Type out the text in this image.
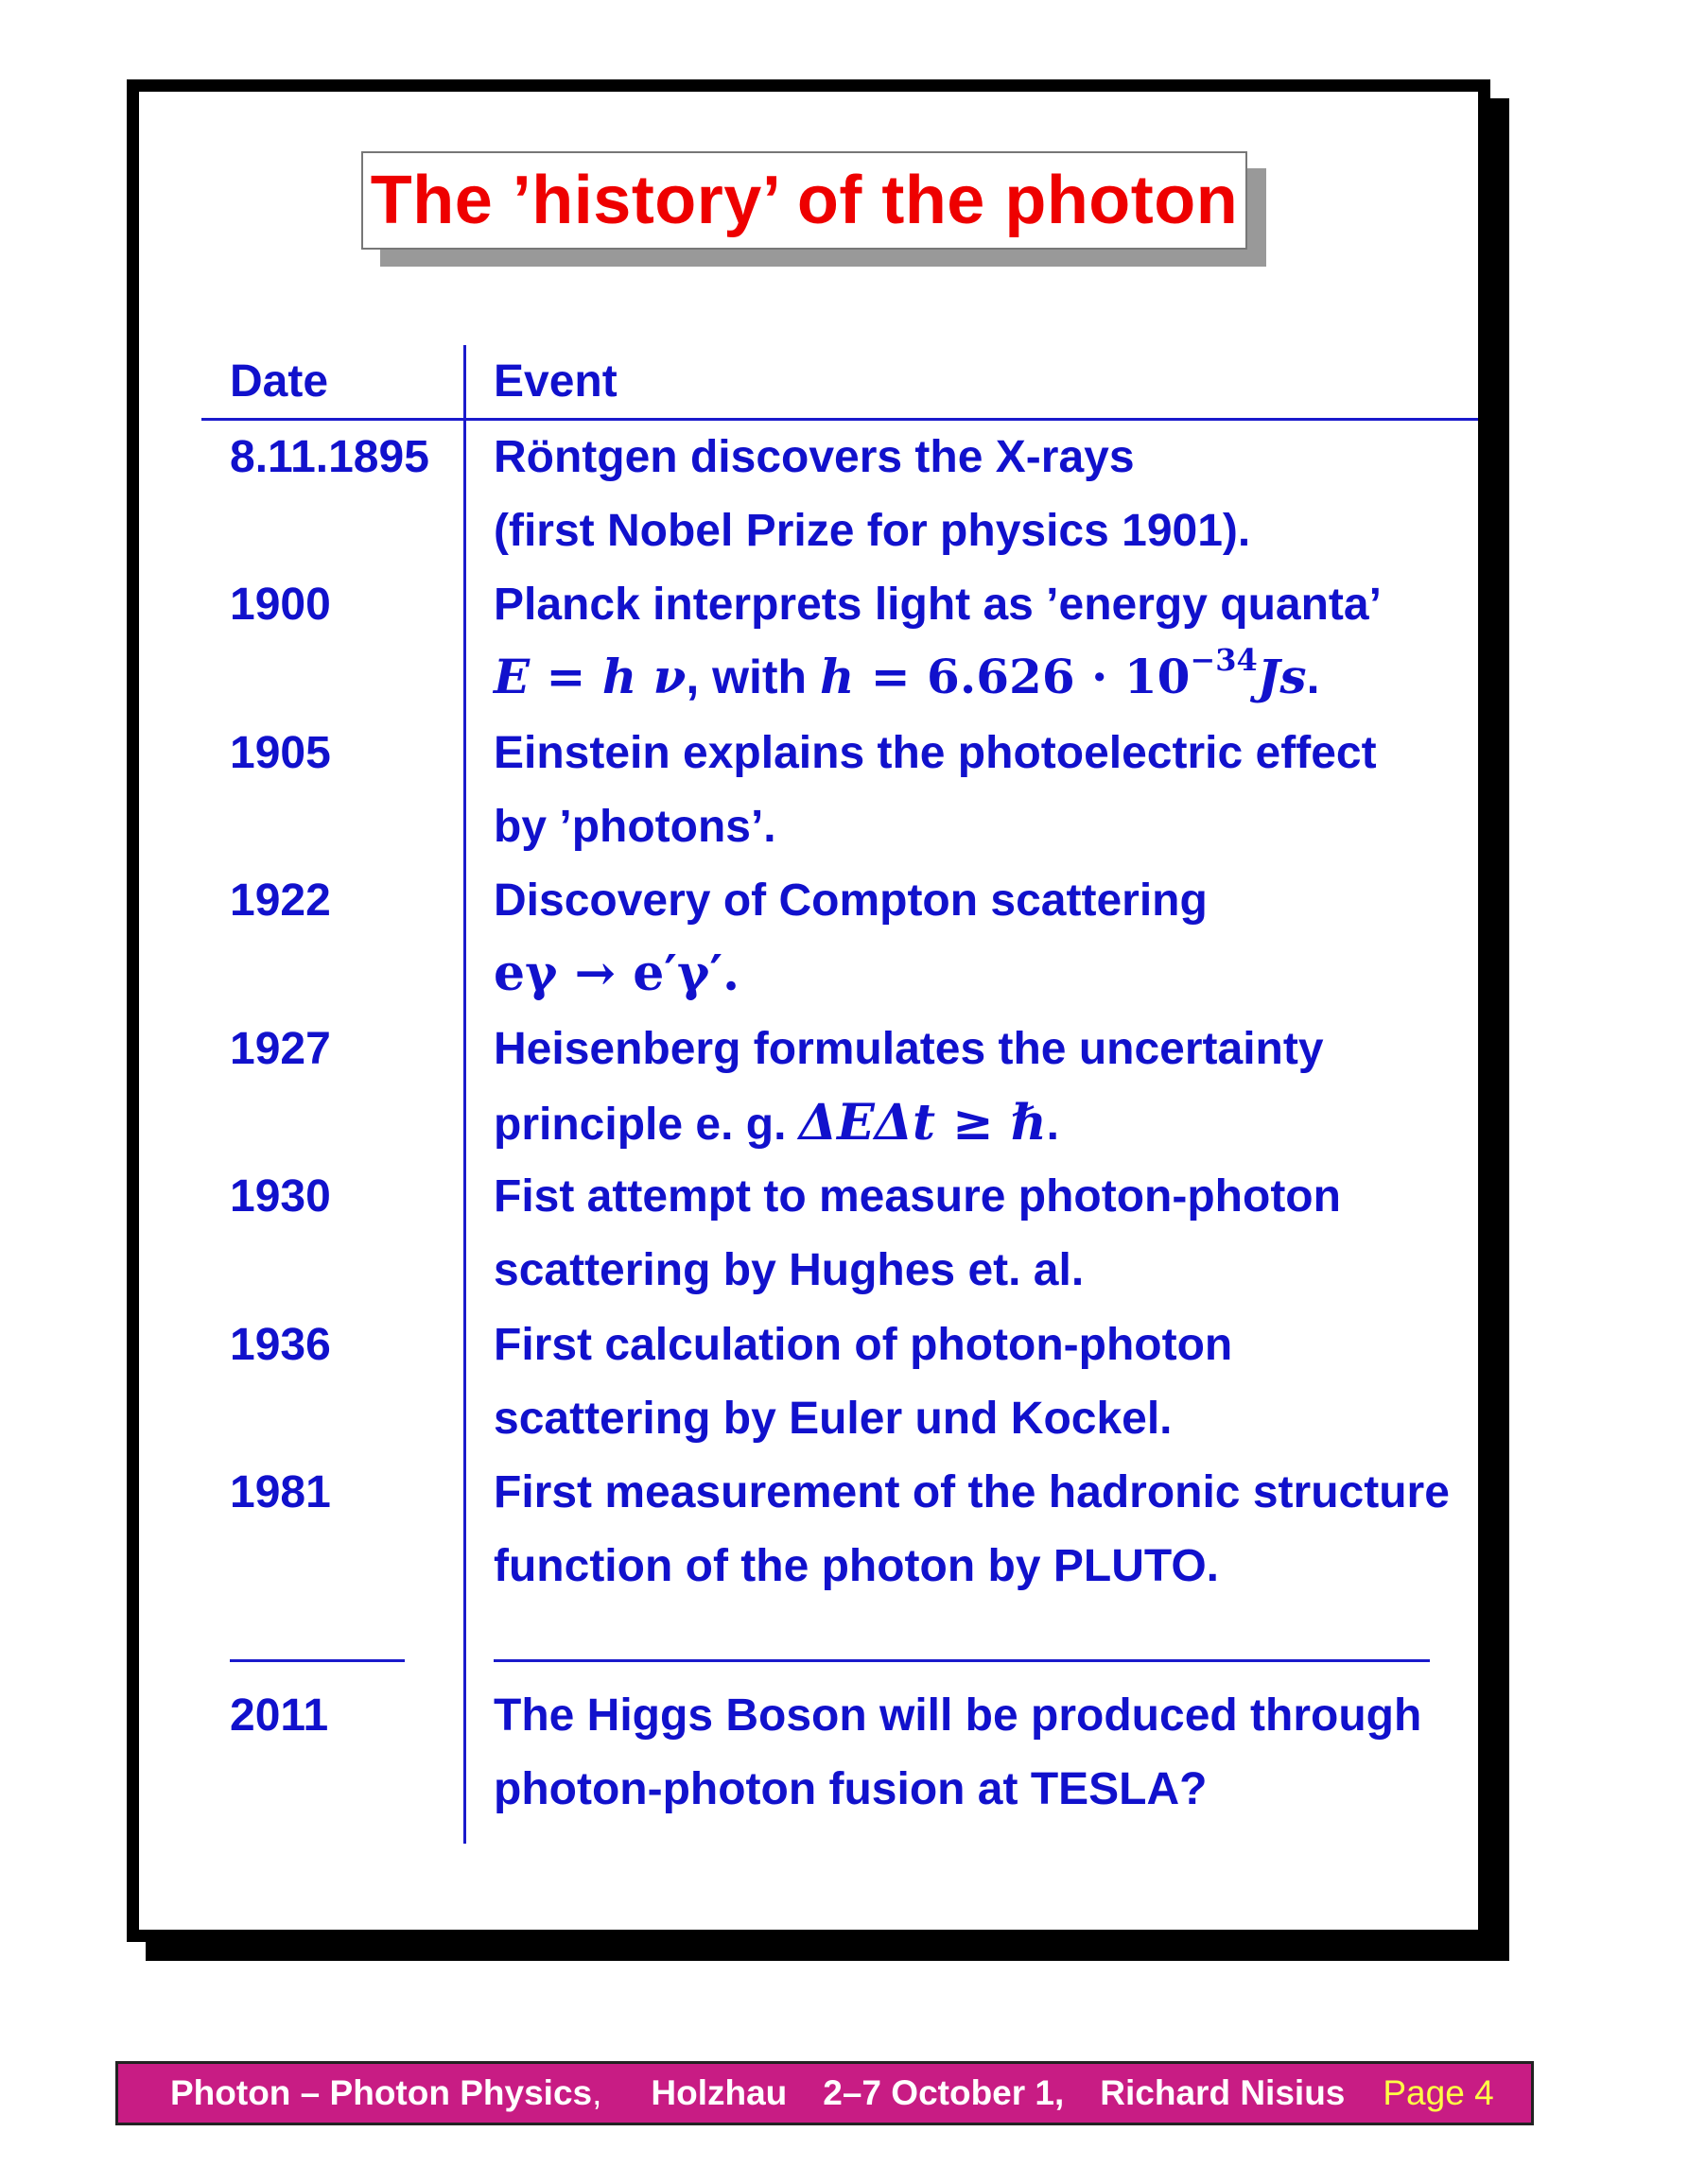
The ’history’ of the photon
Date	Event
8.11.1895 Röntgen discovers the X-rays
(first Nobel Prize for physics 1901).
1900	Planck interprets light as ’energy quanta’
E = h ν, with $h = 6.626 \cdot 10^{-34}Js$.
1905	Einstein explains the photoelectric effect
by ’photons’.
1922	Discovery of Compton scattering
eγ → e′γ′.
1927	Heisenberg formulates the uncertainty
principle e. g. ΔEΔt ≥ ℏ.
1930	Fist attempt to measure photon-photon
scattering by Hughes et. al.
1936	First calculation of photon-photon
scattering by Euler und Kockel.
1981	First measurement of the hadronic structure
function of the photon by PLUTO.
2011	The Higgs Boson will be produced through
photon-photon fusion at TESLA?
Photon – Photon Physics , Holzhau 2–7 October 1, Richard Nisius Page 4
